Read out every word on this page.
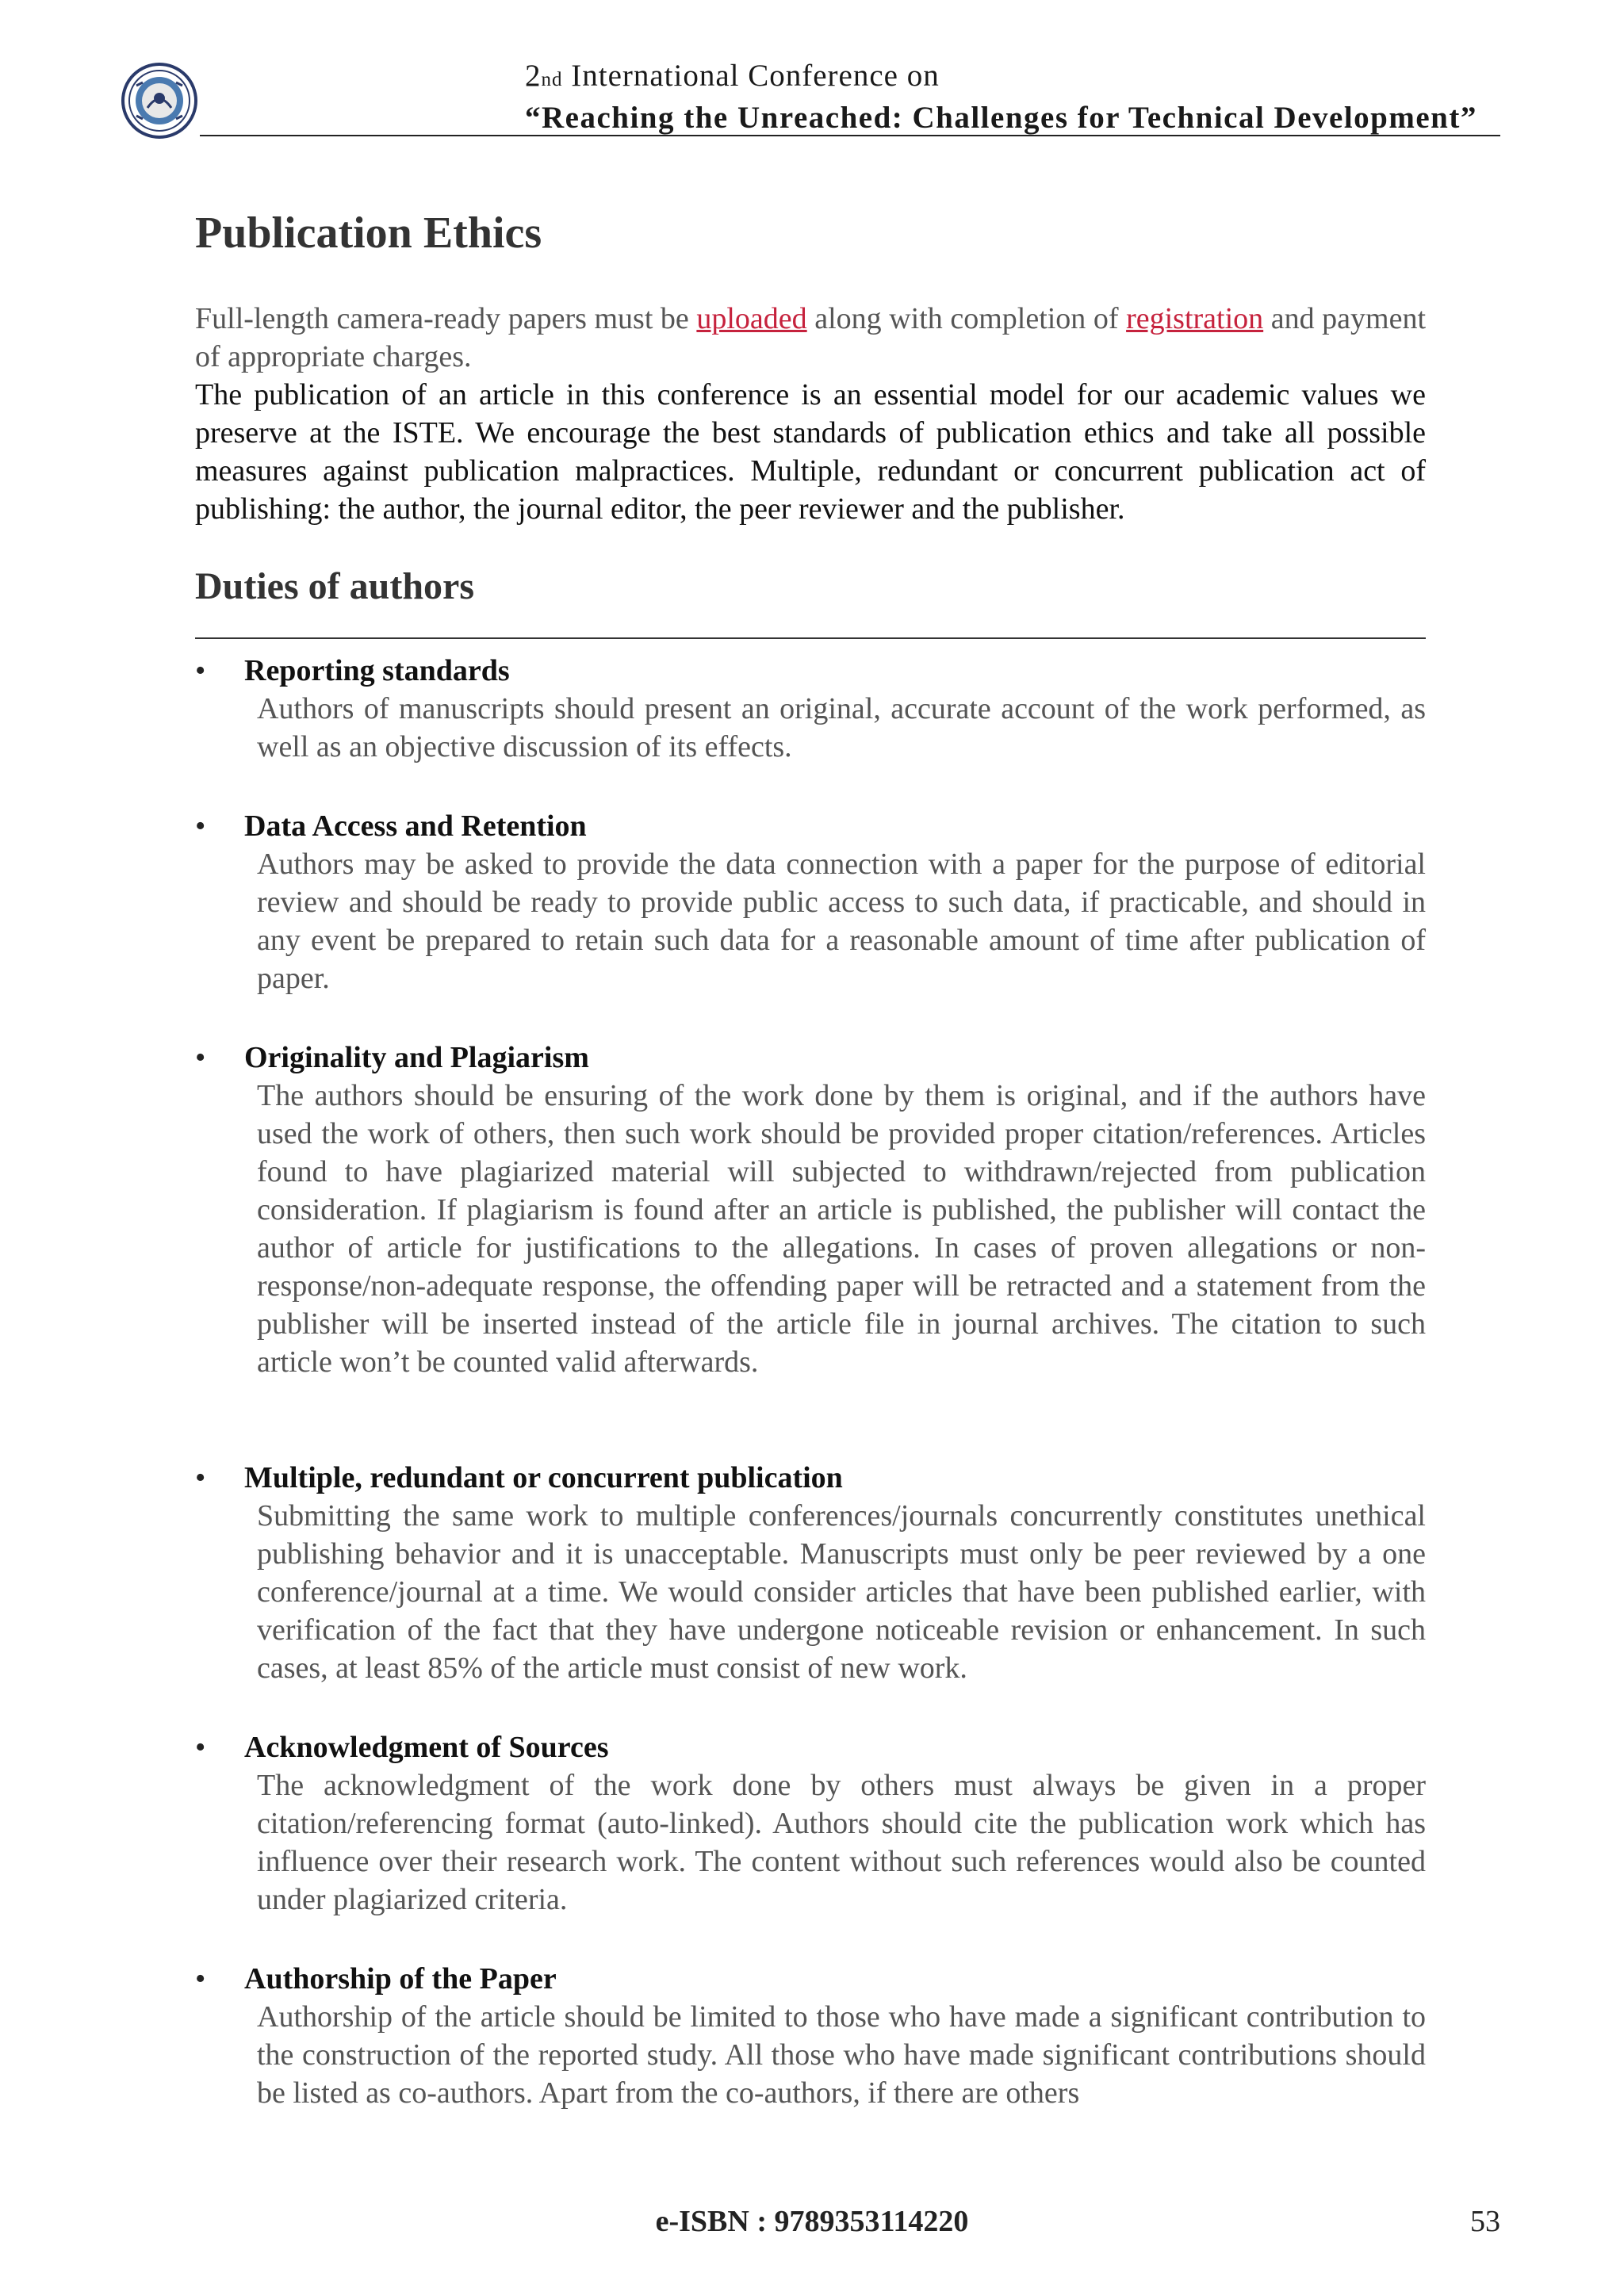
2nd International Conference on
“Reaching the Unreached: Challenges for Technical Development”
Publication Ethics
Full-length camera-ready papers must be uploaded along with completion of registration and payment of appropriate charges.
The publication of an article in this conference is an essential model for our academic values we preserve at the ISTE. We encourage the best standards of publication ethics and take all possible measures against publication malpractices. Multiple, redundant or concurrent publication act of publishing: the author, the journal editor, the peer reviewer and the publisher.
Duties of authors
• Reporting standards

Authors of manuscripts should present an original, accurate account of the work performed, as well as an objective discussion of its effects.

• Data Access and Retention

Authors may be asked to provide the data connection with a paper for the purpose of editorial review and should be ready to provide public access to such data, if practicable, and should in any event be prepared to retain such data for a reasonable amount of time after publication of paper.

• Originality and Plagiarism

The authors should be ensuring of the work done by them is original, and if the authors have used the work of others, then such work should be provided proper citation/references. Articles found to have plagiarized material will subjected to withdrawn/rejected from publication consideration. If plagiarism is found after an article is published, the publisher will contact the author of article for justifications to the allegations. In cases of proven allegations or non-response/non-adequate response, the offending paper will be retracted and a statement from the publisher will be inserted instead of the article file in journal archives. The citation to such article won’t be counted valid afterwards.

• Multiple, redundant or concurrent publication

Submitting the same work to multiple conferences/journals concurrently constitutes unethical publishing behavior and it is unacceptable. Manuscripts must only be peer reviewed by a one conference/journal at a time. We would consider articles that have been published earlier, with verification of the fact that they have undergone noticeable revision or enhancement. In such cases, at least 85% of the article must consist of new work.

• Acknowledgment of Sources

The acknowledgment of the work done by others must always be given in a proper citation/referencing format (auto-linked). Authors should cite the publication work which has influence over their research work. The content without such references would also be counted under plagiarized criteria.

• Authorship of the Paper

Authorship of the article should be limited to those who have made a significant contribution to the construction of the reported study. All those who have made significant contributions should be listed as co-authors. Apart from the co-authors, if there are others

e-ISBN : 9789353114220	53
